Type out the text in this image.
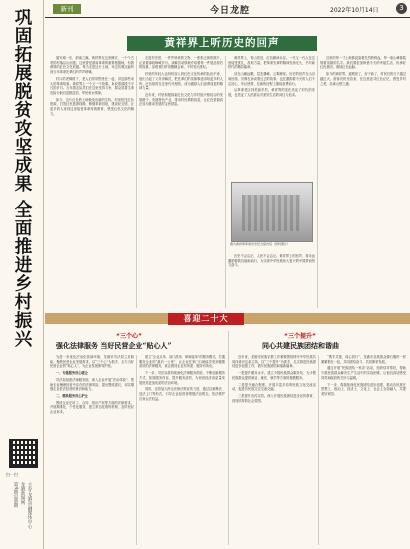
巩固拓展脱贫攻坚成果 全面推进乡村振兴
扫一扫
主办:龙港市融媒体中心
龙港新闻网
第4期总第期
新刊	今日龙腔	2022年10月14日	3
黄祥界上听历史的回声

瑞安城一东，浙南之巅，黄祥界在这里横亘，一个个古老的村落沿山而建。这里曾是浙南革命的重要根据地，有着深厚的红色文化底蕴。每当走进这片土地，耳边仿佛还能听到当年革命先辈们的声声呐喊。

村口的老樟树下，老人们常常围坐在一起，讲述那些动人的革命故事。黄祥界上一个又一个故事，诉说着那段不平凡的岁月。当年游击队员们在这里坚持斗争，群众冒着生命危险为他们送粮送信，军民鱼水情深。

如今，这片红色的土地焕发出新的生机。村里依托红色资源，打造红色旅游线路，修缮革命旧址，建设纪念馆，让更多的人来到这里接受革命传统教育，感受红色文化的魅力。

走进村史馆，一件件珍贵的文物、一张张泛黄的照片，记录着那段峥嵘岁月。讲解员动情地介绍着每一件展品背后的故事，参观者们听得聚精会神，不时发出感叹。

村里的年轻人也纷纷加入到红色文化传承的队伍中来，他们当起了义务讲解员，把先辈们的英雄事迹讲给更多的人听。红色基因在这里代代相传，成为激励人们奋勇前进的精神力量。

近年来，村里积极探索红色文化与乡村振兴相结合的发展路子，发展特色产业，带动村民增收致富，让红色资源真正成为推动发展的宝贵财富。

黄祥界上，青山依旧，红色精神永存。一代又一代人在这里接受洗礼，汲取力量，把革命先辈的精神发扬光大，书写新时代的精彩篇章。

站在山巅远眺，层峦叠嶂，云雾缭绕。历史的回声在山谷间回荡，仿佛在诉说着过去的故事，也在激励着今天的人们不忘初心、牢记使命，在新的征程上继续奋勇前行。

从革命老区到美丽乡村，黄祥界的变化见证了时代的发展，也见证了人民群众对美好生活的向往与追求。

图为黄祥界革命历史纪念馆内景（资料图片）

历史不会忘记，人民不会忘记。黄祥界上的回声，将永远激励着我们砥砺前行，为实现中华民族伟大复兴的中国梦而努力奋斗。

这里的每一寸土地都浸染着先烈的鲜血，每一座山峰都铭刻着英雄的名字。我们要倍加珍惜今天的幸福生活，传承好红色基因，赓续红色血脉。

如今的黄祥界，道路宽了，房子新了，村民们的日子越过越红火。游客们纷至沓来，在这里追寻红色记忆，感受乡村之美，品味山野之趣。

喜迎二十大
“三个心”
强化法律服务 当好民营企业“贴心人”

为进一步优化法治化营商环境，龙港市司法局立足职能，聚焦民营企业发展需求，以“三个心”为抓手，全力当好民营企业的“贴心人”，为企业发展保驾护航。

一、专题服务用心暖企

司法局组建法律服务团，深入企业开展“法治体检”，帮助企业梳理经营中存在的法律风险，提出整改建议，切实增强企业依法经营的意识和能力。

二、精准服务用心护企

围绕企业在用工、合同、知识产权等方面的法律需求，开展精准化、个性化服务，建立常态化联络机制，及时回应企业诉求。

建立“企业点单、部门派单、律师接单”的服务模式，打通服务企业的“最后一公里”，让企业在家门口就能享受到便捷高效的法律服务，真正做到企业有所需、服务有所应。

下一步，司法局将持续深化法律服务供给，不断创新服务方式，拓展服务内容，提升服务质效，为民营经济高质量发展营造更加优质的法治环境。

同时，还将加大涉企法律法规宣传力度，通过以案释法、送法上门等形式，引导企业经营者增强法治观念，依法维护自身合法权益。

“三个提升”
同心共建民族团结和谐曲

近年来，龙港市民族宗教工作紧紧围绕铸牢中华民族共同体意识这条主线，以“三个提升”为抓手，扎实推进民族团结进步创建工作，谱写民族团结和谐新篇章。

一是提升服务水平。建立少数民族群众服务站，为少数民族群众提供就业、就医、就学等方面的便捷服务。

二是提升融合程度。开展丰富多彩的民族文化交流活动，促进各民族交往交流交融。

三是提升宣传实效。深入开展民族团结进步宣传教育，营造浓厚的社会氛围。

“携手共建，同心同行”，龙港市各族群众像石榴籽一样紧紧抱在一起，共同团结奋斗、共同繁荣发展。

通过开展“民族团结一家亲”活动，组织结对帮扶，帮助少数民族群众解决生产生活中的实际困难，让他们真切感受到党和政府的关怀与温暖。

下一步，将继续深化民族团结进步创建，推动各民族在思想上、政治上、经济上、文化上、社会上全面融入，共建美好家园。
